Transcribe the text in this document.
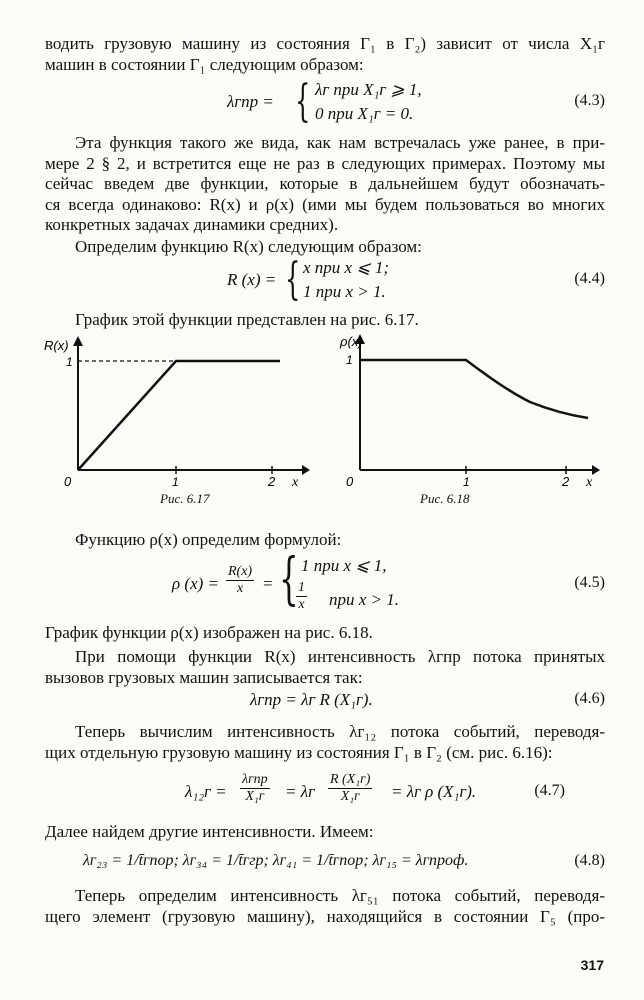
водить грузовую машину из состояния Г₁ в Г₂) зависит от числа X₁ᴦ
машин в состоянии Г₁ следующим образом:
λᴦпр = { λᴦ при X₁ᴦ ⩾ 1,
0 при X₁ᴦ = 0.
(4.3)
Эта функция такого же вида, как нам встречалась уже ранее, в при-
мере 2 § 2, и встретится еще не раз в следующих примерах. Поэтому мы
сейчас введем две функции, которые в дальнейшем будут обозначать-
ся всегда одинаково: R(x) и ρ(x) (ими мы будем пользоваться во многих
конкретных задачах динамики средних).
Определим функцию R(x) следующим образом:
R (x) = { x при x ⩽ 1;
1 при x > 1.
(4.4)
График этой функции представлен на рис. 6.17.
R(x)
1
0	1	2 x
Рис. 6.17
ρ(x)
1
0	1	2 x
Рис. 6.18
Функцию ρ(x) определим формулой:
ρ $(x) = \frac{R(x)}{x}$ = { 1 при x ⩽ 1,
$\frac{1}{x}$ при x > 1.
(4.5)
График функции ρ(x) изображен на рис. 6.18.
При помощи функции R(x) интенсивность λᴦпр потока принятых
вызовов грузовых машин записывается так:
λᴦпр = λᴦ R (X₁ᴦ).	(4.6)
Теперь вычислим интенсивность λᴦ₁₂ потока событий, переводя-
щих отдельную грузовую машину из состояния Г₁ в Г₂ (см. рис. 6.16):
λ₁₂ᴦ =
λᴦпр
X₁ᴦ	= λᴦ $\frac{\text{R (X₁ᴦ)}}{\text{X₁ᴦ}}$ = λᴦ ρ (X₁ᴦ).	(4.7)
Далее найдем другие интенсивности. Имеем:
λᴦ₂₃ = 1/t̄ᴦпор; λᴦ₃₄ = 1/t̄ᴦгр; λᴦ₄₁ = 1/t̄ᴦпор; λᴦ₁₅ = λᴦпроф.	(4.8)
Теперь определим интенсивность λᴦ₅₁ потока событий, переводя-
щего элемент (грузовую машину), находящийся в состоянии Г₅ (про-
317
